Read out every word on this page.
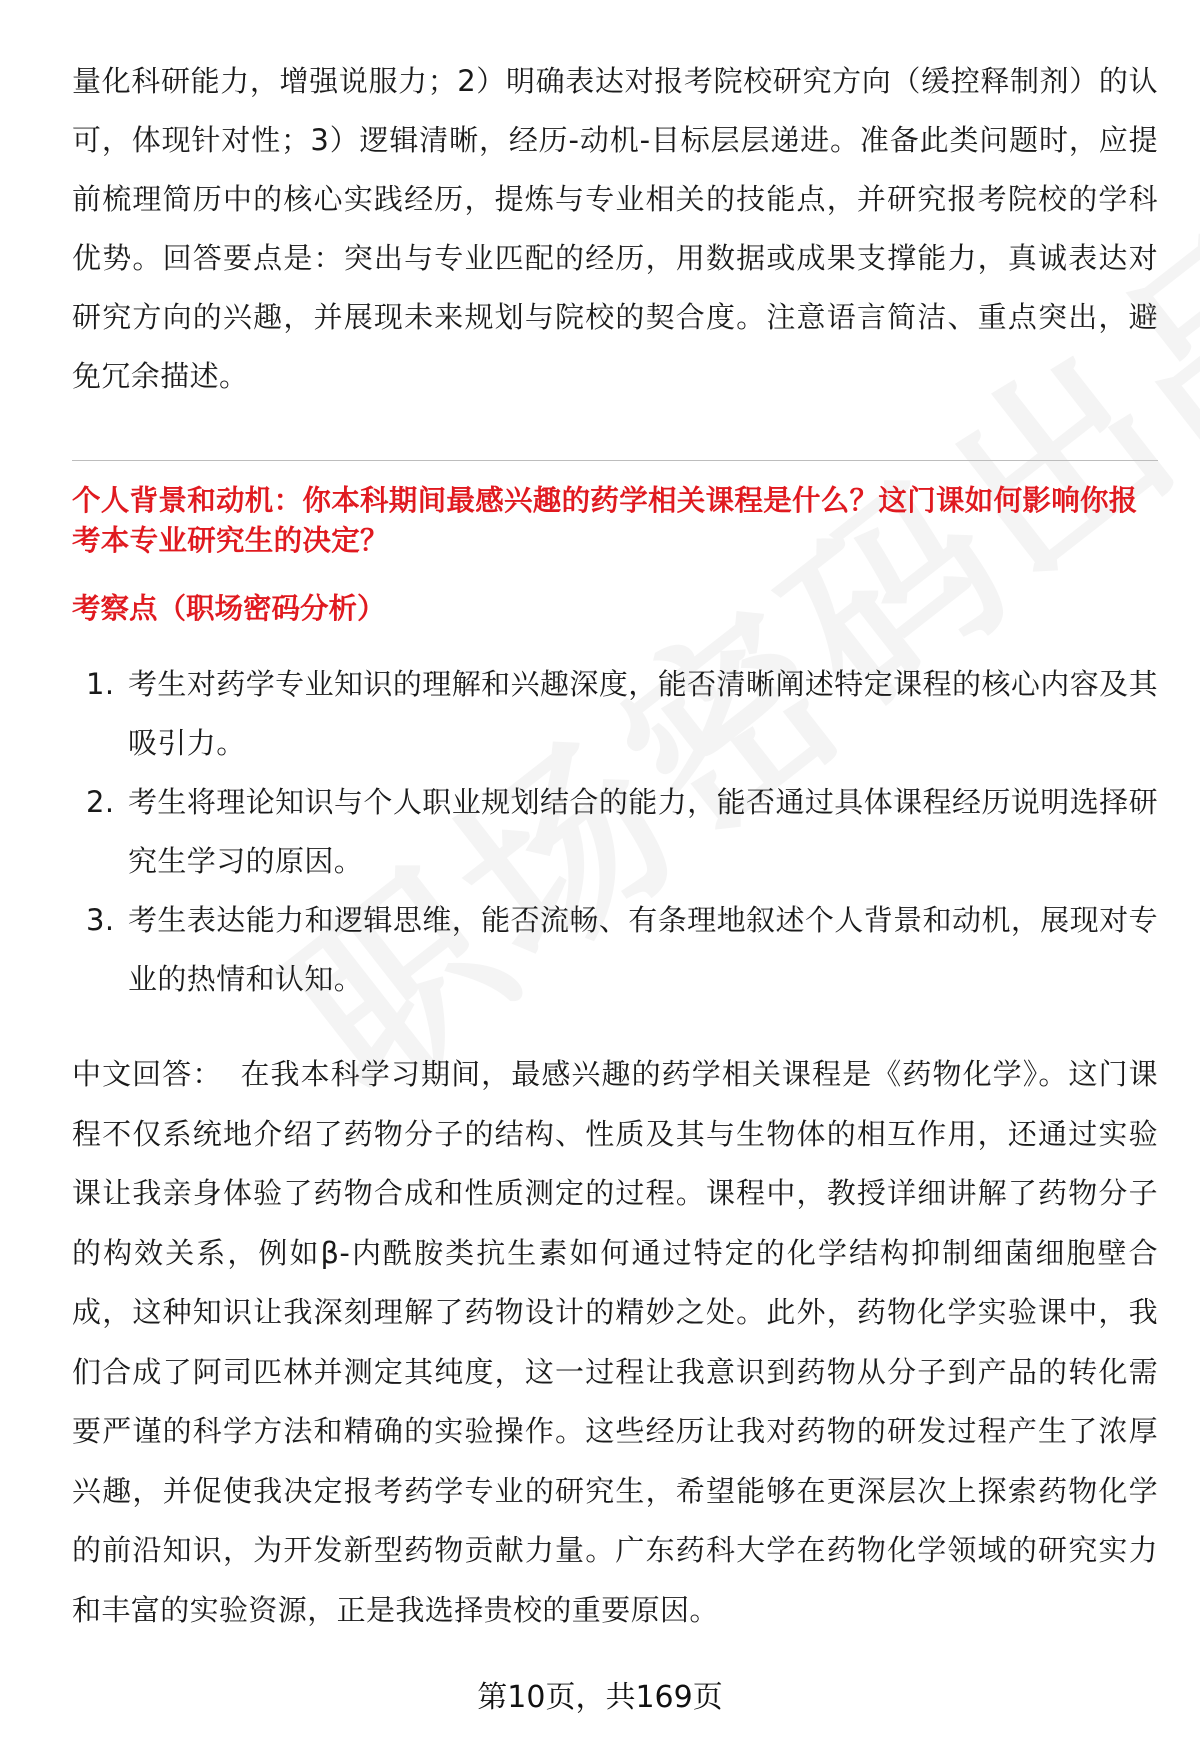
量化科研能力，增强说服力；2）明确表达对报考院校研究方向（缓控释制剂）的认可，体现针对性；3）逻辑清晰，经历-动机-目标层层递进。准备此类问题时，应提前梳理简历中的核心实践经历，提炼与专业相关的技能点，并研究报考院校的学科优势。回答要点是：突出与专业匹配的经历，用数据或成果支撑能力，真诚表达对研究方向的兴趣，并展现未来规划与院校的契合度。注意语言简洁、重点突出，避免冗余描述。

个人背景和动机：你本科期间最感兴趣的药学相关课程是什么？这门课如何影响你报考本专业研究生的决定？
考察点（职场密码分析）
1. 考生对药学专业知识的理解和兴趣深度，能否清晰阐述特定课程的核心内容及其吸引力。
2. 考生将理论知识与个人职业规划结合的能力，能否通过具体课程经历说明选择研究生学习的原因。
3. 考生表达能力和逻辑思维，能否流畅、有条理地叙述个人背景和动机，展现对专业的热情和认知。

中文回答： 在我本科学习期间，最感兴趣的药学相关课程是《药物化学》。这门课程不仅系统地介绍了药物分子的结构、性质及其与生物体的相互作用，还通过实验课让我亲身体验了药物合成和性质测定的过程。课程中，教授详细讲解了药物分子的构效关系，例如β-内酰胺类抗生素如何通过特定的化学结构抑制细菌细胞壁合成，这种知识让我深刻理解了药物设计的精妙之处。此外，药物化学实验课中，我们合成了阿司匹林并测定其纯度，这一过程让我意识到药物从分子到产品的转化需要严谨的科学方法和精确的实验操作。这些经历让我对药物的研发过程产生了浓厚兴趣，并促使我决定报考药学专业的研究生，希望能够在更深层次上探索药物化学的前沿知识，为开发新型药物贡献力量。广东药科大学在药物化学领域的研究实力和丰富的实验资源，正是我选择贵校的重要原因。

第10页，共169页
